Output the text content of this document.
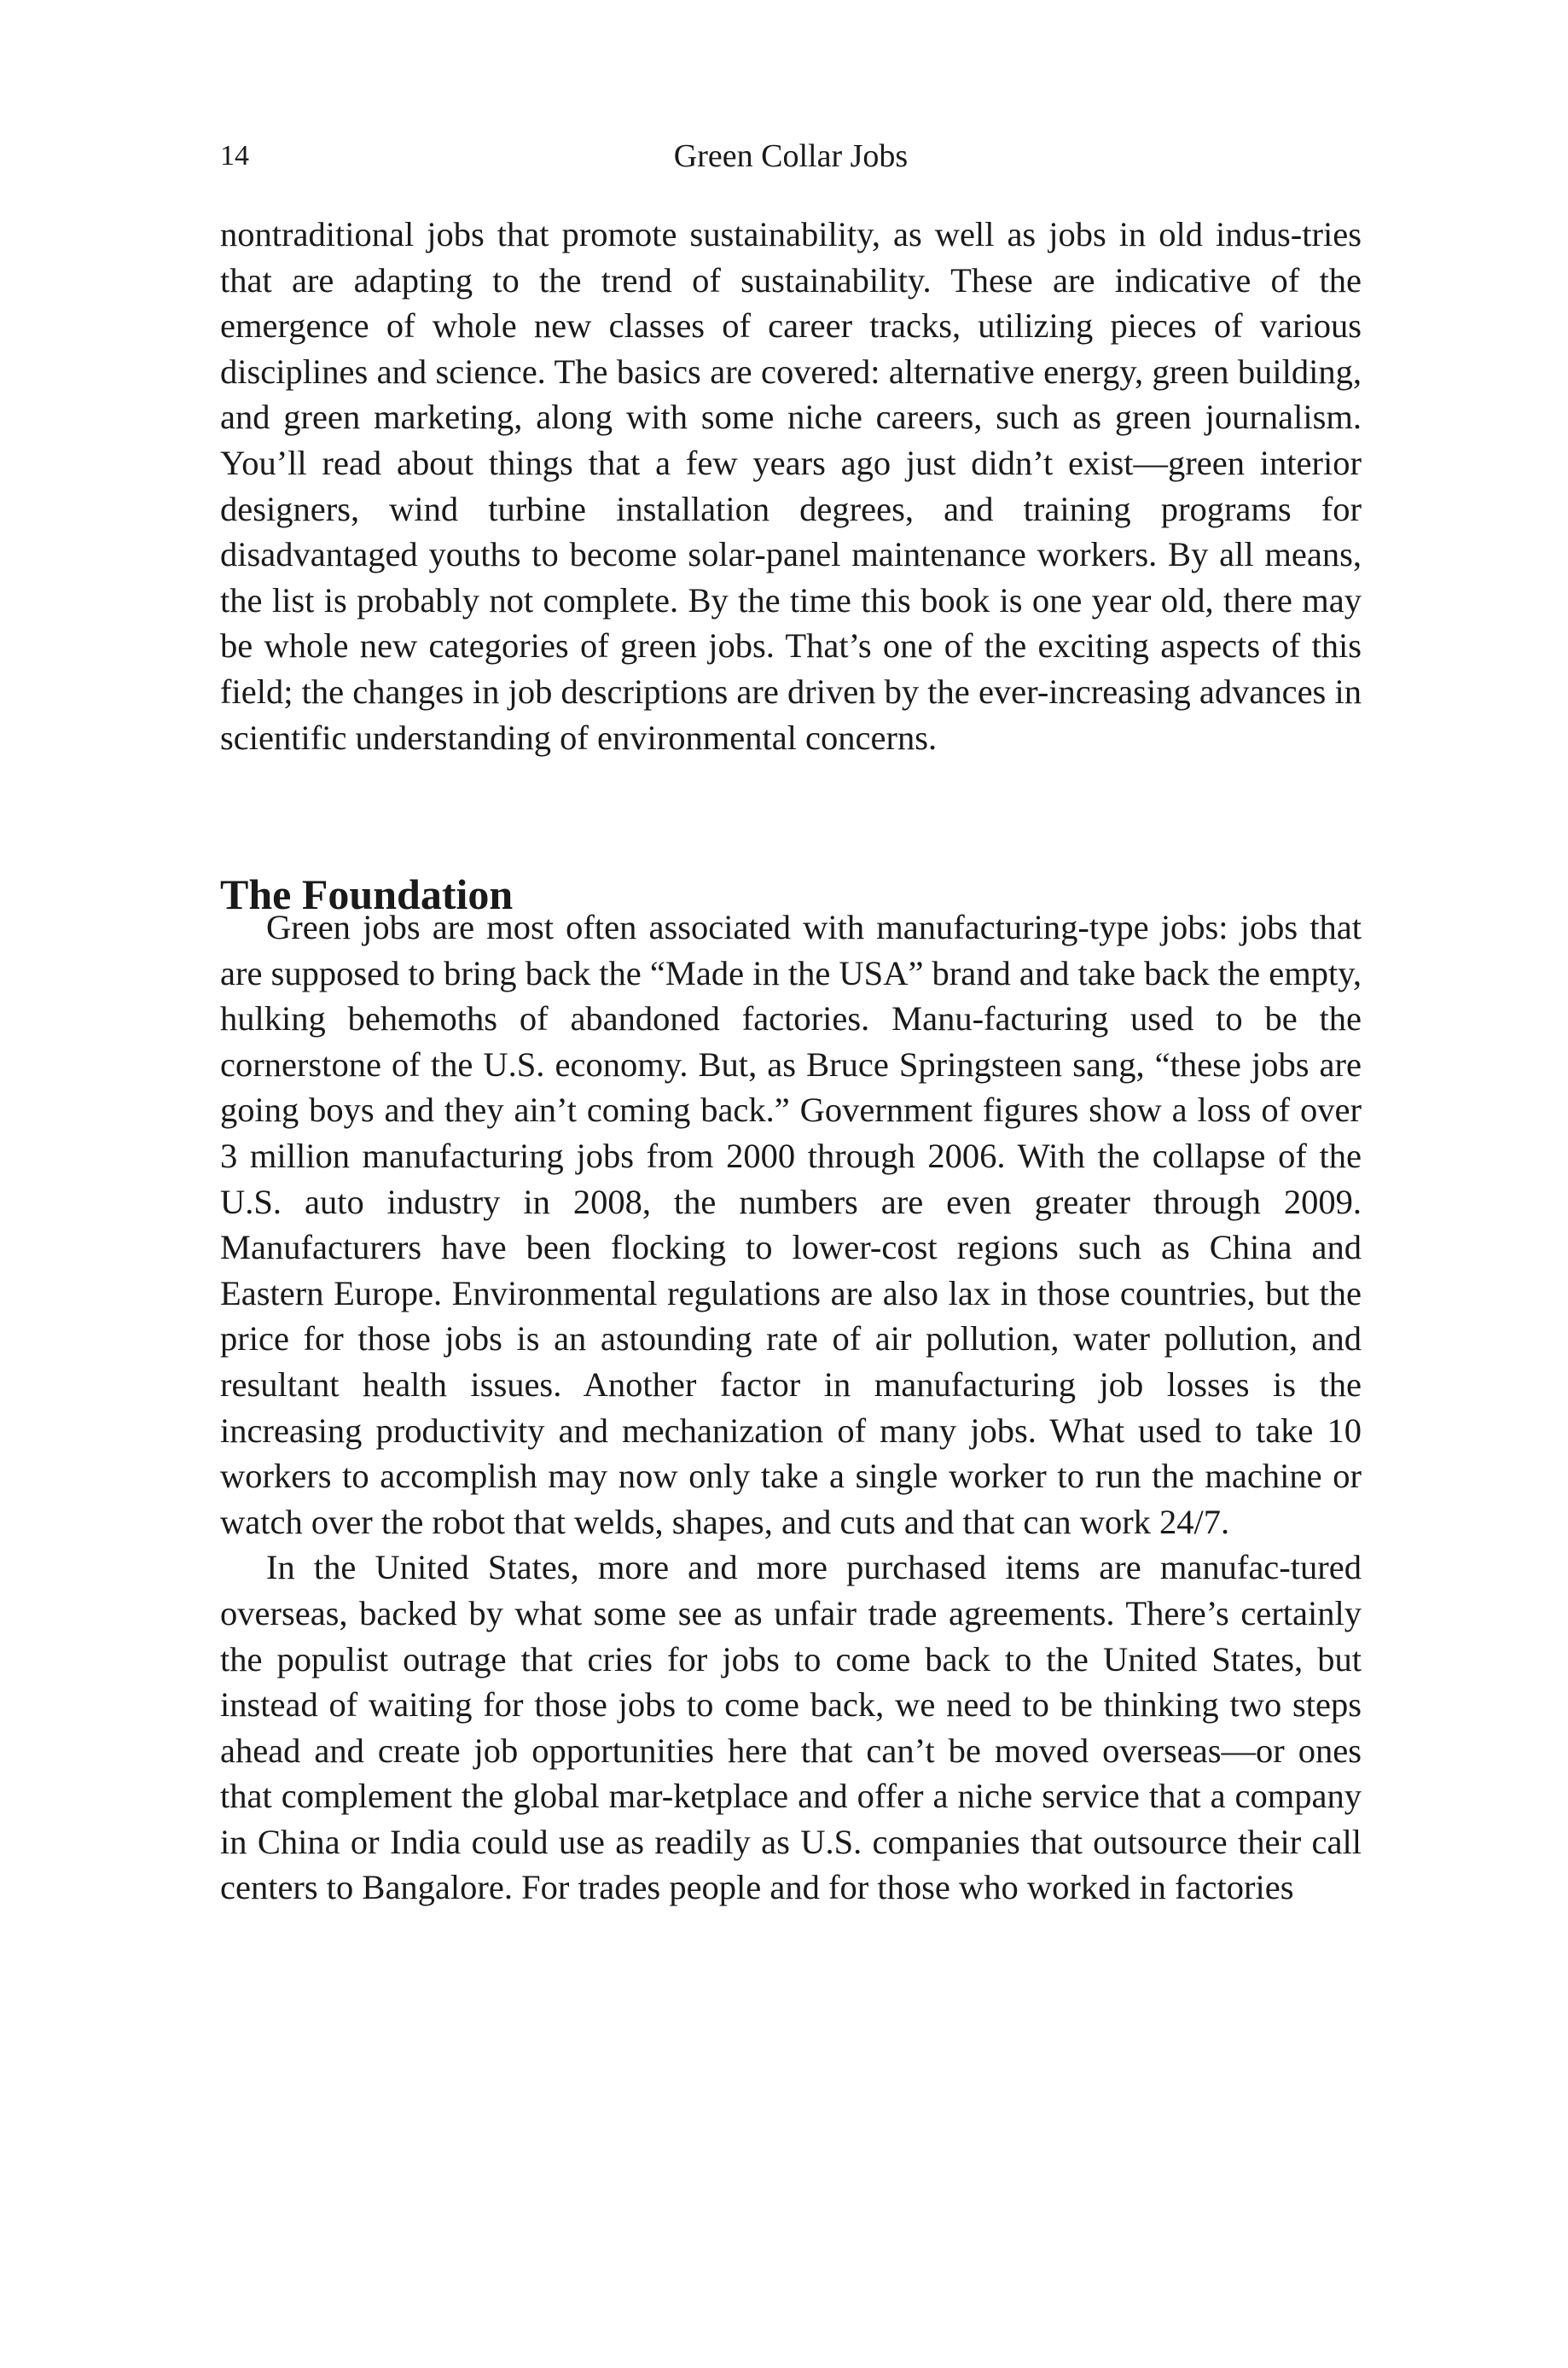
14	Green Collar Jobs

nontraditional jobs that promote sustainability, as well as jobs in old indus-tries that are adapting to the trend of sustainability. These are indicative of the emergence of whole new classes of career tracks, utilizing pieces of various disciplines and science. The basics are covered: alternative energy, green building, and green marketing, along with some niche careers, such as green journalism. You’ll read about things that a few years ago just didn’t exist—green interior designers, wind turbine installation degrees, and training programs for disadvantaged youths to become solar-panel maintenance workers. By all means, the list is probably not complete. By the time this book is one year old, there may be whole new categories of green jobs. That’s one of the exciting aspects of this field; the changes in job descriptions are driven by the ever-increasing advances in scientific understanding of environmental concerns.

The Foundation

Green jobs are most often associated with manufacturing-type jobs: jobs that are supposed to bring back the “Made in the USA” brand and take back the empty, hulking behemoths of abandoned factories. Manu-facturing used to be the cornerstone of the U.S. economy. But, as Bruce Springsteen sang, “these jobs are going boys and they ain’t coming back.” Government figures show a loss of over 3 million manufacturing jobs from 2000 through 2006. With the collapse of the U.S. auto industry in 2008, the numbers are even greater through 2009. Manufacturers have been flocking to lower-cost regions such as China and Eastern Europe. Environmental regulations are also lax in those countries, but the price for those jobs is an astounding rate of air pollution, water pollution, and resultant health issues. Another factor in manufacturing job losses is the increasing productivity and mechanization of many jobs. What used to take 10 workers to accomplish may now only take a single worker to run the machine or watch over the robot that welds, shapes, and cuts and that can work 24/7.

In the United States, more and more purchased items are manufac-tured overseas, backed by what some see as unfair trade agreements. There’s certainly the populist outrage that cries for jobs to come back to the United States, but instead of waiting for those jobs to come back, we need to be thinking two steps ahead and create job opportunities here that can’t be moved overseas—or ones that complement the global mar-ketplace and offer a niche service that a company in China or India could use as readily as U.S. companies that outsource their call centers to Bangalore. For trades people and for those who worked in factories
